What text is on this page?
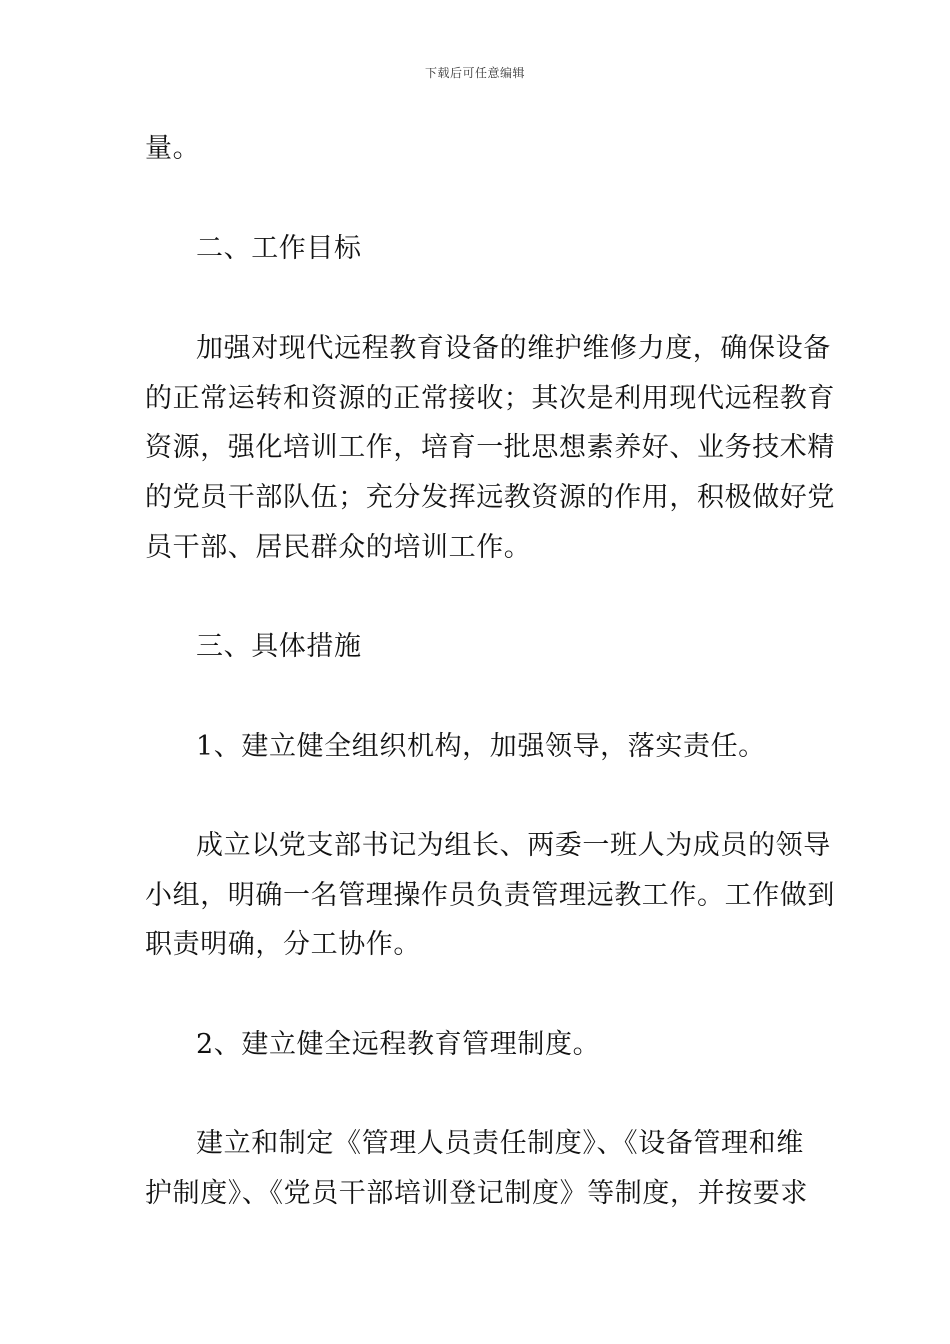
下载后可任意编辑
量。
二、工作目标
加强对现代远程教育设备的维护维修力度，确保设备
的正常运转和资源的正常接收；其次是利用现代远程教育
资源，强化培训工作，培育一批思想素养好、业务技术精
的党员干部队伍；充分发挥远教资源的作用，积极做好党
员干部、居民群众的培训工作。
三、具体措施
1、建立健全组织机构，加强领导，落实责任。
成立以党支部书记为组长、两委一班人为成员的领导
小组，明确一名管理操作员负责管理远教工作。工作做到
职责明确，分工协作。
2、建立健全远程教育管理制度。
建立和制定《管理人员责任制度》、《设备管理和维
护制度》、《党员干部培训登记制度》等制度，并按要求
